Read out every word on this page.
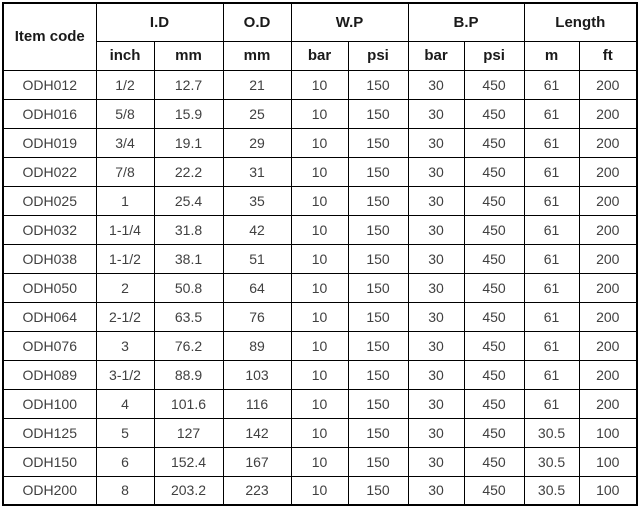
Item code	I.D		O.D	W.P		B.P		Length	
	inch	mm	mm	bar	psi	bar	psi	m	ft
ODH012	1/2	12.7	21	10	150	30	450	61	200
ODH016	5/8	15.9	25	10	150	30	450	61	200
ODH019	3/4	19.1	29	10	150	30	450	61	200
ODH022	7/8	22.2	31	10	150	30	450	61	200
ODH025	1	25.4	35	10	150	30	450	61	200
ODH032	1-1/4	31.8	42	10	150	30	450	61	200
ODH038	1-1/2	38.1	51	10	150	30	450	61	200
ODH050	2	50.8	64	10	150	30	450	61	200
ODH064	2-1/2	63.5	76	10	150	30	450	61	200
ODH076	3	76.2	89	10	150	30	450	61	200
ODH089	3-1/2	88.9	103	10	150	30	450	61	200
ODH100	4	101.6	116	10	150	30	450	61	200
ODH125	5	127	142	10	150	30	450	30.5	100
ODH150	6	152.4	167	10	150	30	450	30.5	100
ODH200	8	203.2	223	10	150	30	450	30.5	100
